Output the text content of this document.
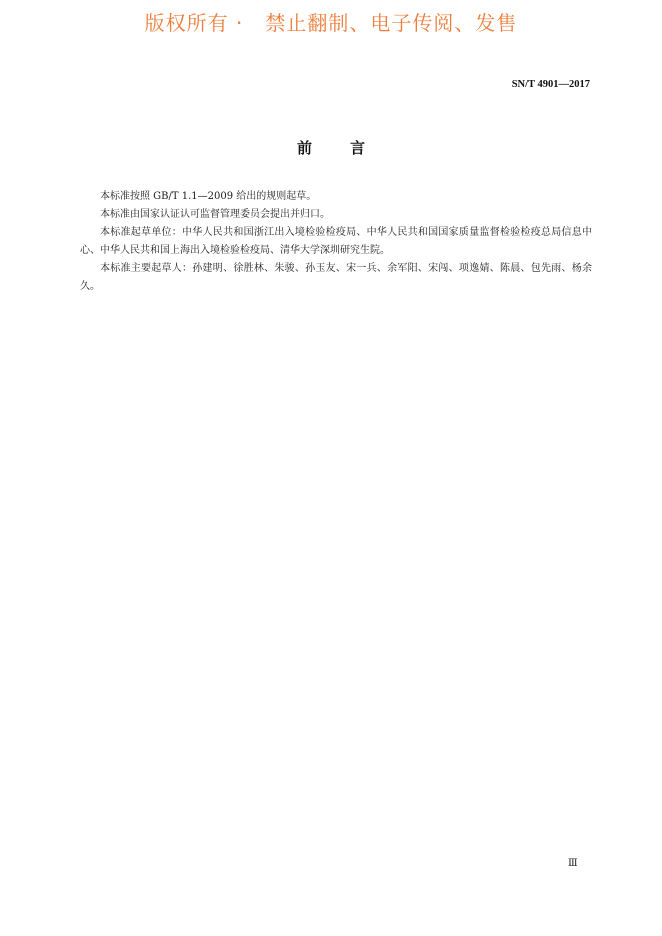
版权所有 ·   禁止翻制、电子传阅、发售
SN/T 4901—2017
前言

本标准按照 GB/T 1.1—2009 给出的规则起草。

本标准由国家认证认可监督管理委员会提出并归口。

本标准起草单位：中华人民共和国浙江出入境检验检疫局、中华人民共和国国家质量监督检验检疫总局信息中心、中华人民共和国上海出入境检验检疫局、清华大学深圳研究生院。

本标准主要起草人：孙建明、徐胜林、朱骏、孙玉友、宋一兵、余军阳、宋闯、项逸婧、陈晨、包先雨、杨余久。

Ⅲ
